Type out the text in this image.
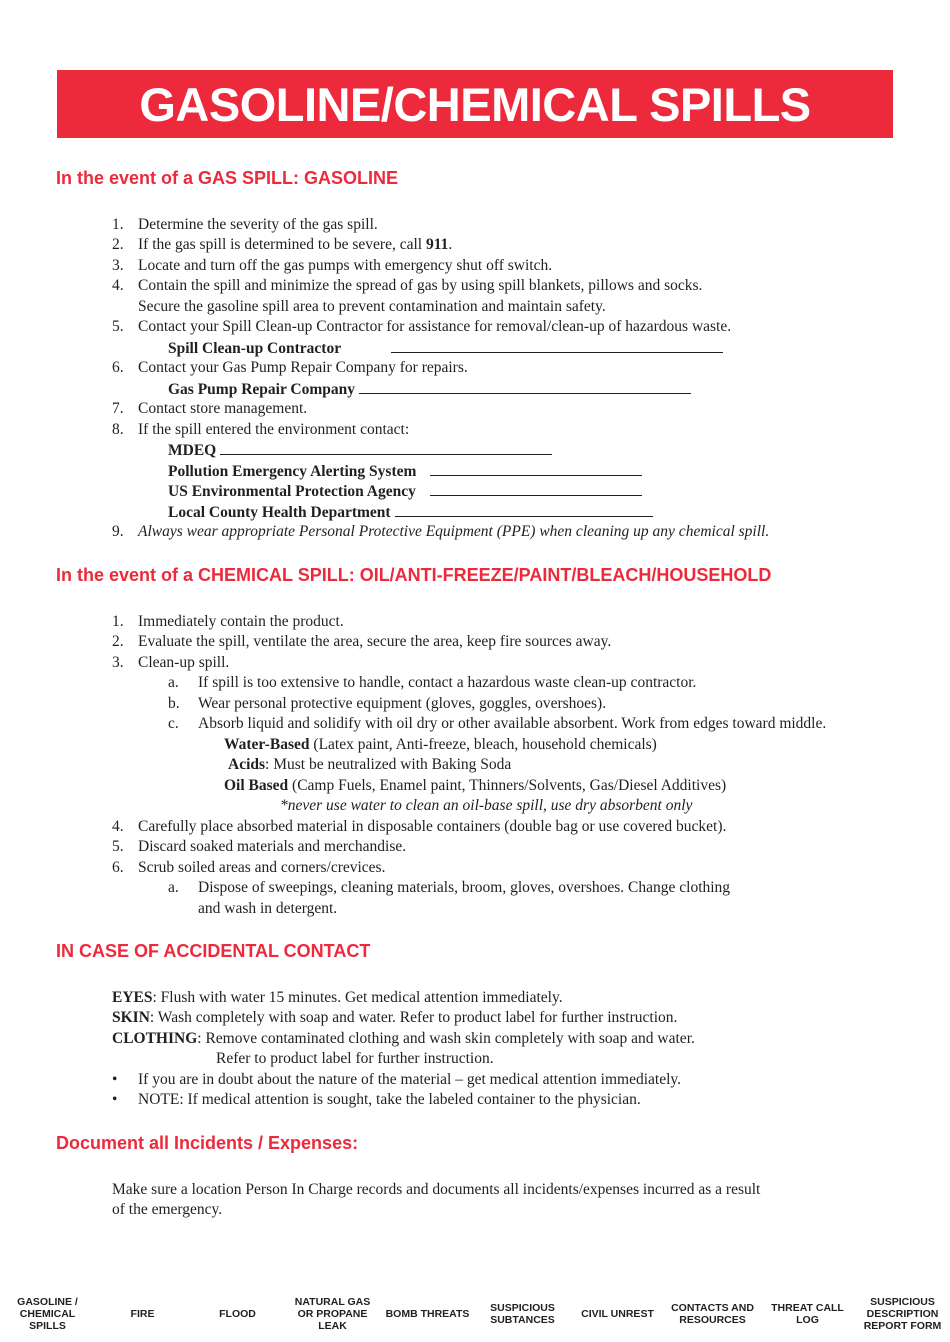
GASOLINE/CHEMICAL SPILLS
In the event of a GAS SPILL: GASOLINE
1. Determine the severity of the gas spill.
2. If the gas spill is determined to be severe, call 911.
3. Locate and turn off the gas pumps with emergency shut off switch.
4. Contain the spill and minimize the spread of gas by using spill blankets, pillows and socks.
Secure the gasoline spill area to prevent contamination and maintain safety.
5. Contact your Spill Clean-up Contractor for assistance for removal/clean-up of hazardous waste.
Spill Clean-up Contractor
6. Contact your Gas Pump Repair Company for repairs.
Gas Pump Repair Company
7. Contact store management.
8. If the spill entered the environment contact:
MDEQ
Pollution Emergency Alerting System
US Environmental Protection Agency
Local County Health Department
9. Always wear appropriate Personal Protective Equipment (PPE) when cleaning up any chemical spill.
In the event of a CHEMICAL SPILL: OIL/ANTI-FREEZE/PAINT/BLEACH/HOUSEHOLD
1. Immediately contain the product.
2. Evaluate the spill, ventilate the area, secure the area, keep fire sources away.
3. Clean-up spill.
a. If spill is too extensive to handle, contact a hazardous waste clean-up contractor.
b. Wear personal protective equipment (gloves, goggles, overshoes).
c. Absorb liquid and solidify with oil dry or other available absorbent. Work from edges toward middle.
Water-Based (Latex paint, Anti-freeze, bleach, household chemicals)
Acids: Must be neutralized with Baking Soda
Oil Based (Camp Fuels, Enamel paint, Thinners/Solvents, Gas/Diesel Additives)
*never use water to clean an oil-base spill, use dry absorbent only
4. Carefully place absorbed material in disposable containers (double bag or use covered bucket).
5. Discard soaked materials and merchandise.
6. Scrub soiled areas and corners/crevices.
a. Dispose of sweepings, cleaning materials, broom, gloves, overshoes. Change clothing
and wash in detergent.
IN CASE OF ACCIDENTAL CONTACT
EYES: Flush with water 15 minutes. Get medical attention immediately.
SKIN: Wash completely with soap and water. Refer to product label for further instruction.
CLOTHING: Remove contaminated clothing and wash skin completely with soap and water.
Refer to product label for further instruction.
• If you are in doubt about the nature of the material – get medical attention immediately.
• NOTE: If medical attention is sought, take the labeled container to the physician.
Document all Incidents / Expenses:
Make sure a location Person In Charge records and documents all incidents/expenses incurred as a result
of the emergency.
GASOLINE / CHEMICAL SPILLS
FIRE	FLOOD
NATURAL GAS OR PROPANE LEAK
BOMB THREATS	SUSPICIOUS SUBTANCES	CIVIL UNREST	CONTACTS AND RESOURCES
THREAT CALL LOG
SUSPICIOUS DESCRIPTION REPORT FORM
